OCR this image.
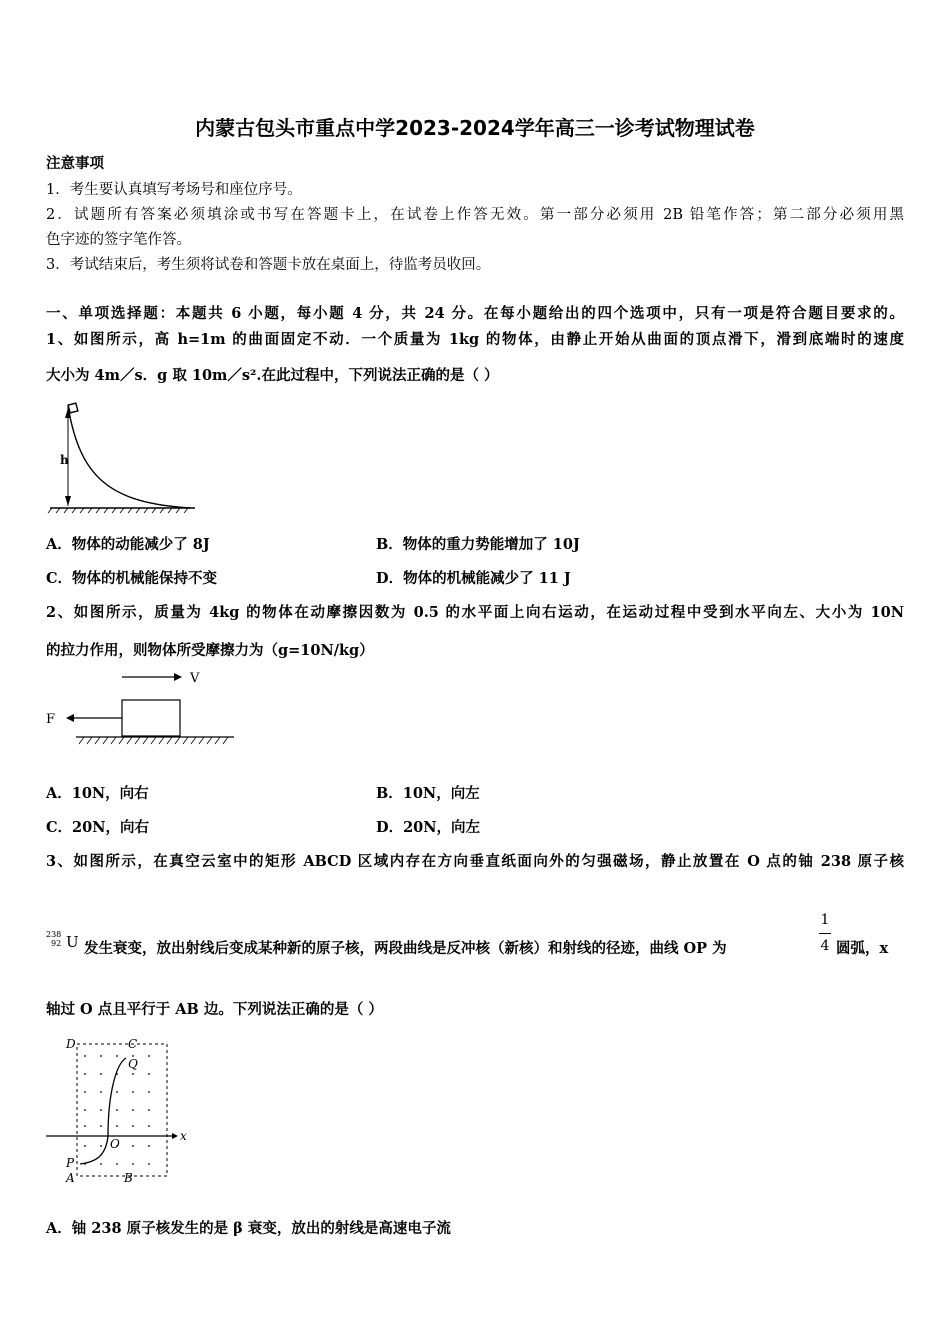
内蒙古包头市重点中学2023-2024学年高三一诊考试物理试卷
注意事项
1．考生要认真填写考场号和座位序号。
2．试题所有答案必须填涂或书写在答题卡上，在试卷上作答无效。第一部分必须用 2B 铅笔作答；第二部分必须用黑
色字迹的签字笔作答。
3．考试结束后，考生须将试卷和答题卡放在桌面上，待监考员收回。
一、单项选择题：本题共 6 小题，每小题 4 分，共 24 分。在每小题给出的四个选项中，只有一项是符合题目要求的。
1、如图所示，高 h=1m 的曲面固定不动．一个质量为 1kg 的物体，由静止开始从曲面的顶点滑下，滑到底端时的速度
大小为 4m／s．g 取 10m／s².在此过程中，下列说法正确的是（ ）
h
A．物体的动能减少了 8J	B．物体的重力势能增加了 10J
C．物体的机械能保持不变	D．物体的机械能减少了 11 J
2、如图所示，质量为 4kg 的物体在动摩擦因数为 0.5 的水平面上向右运动，在运动过程中受到水平向左、大小为 10N
的拉力作用，则物体所受摩擦力为（g=10N/kg）
V
F
A．10N，向右	B．10N，向左
C．20N，向右	D．20N，向左
3、如图所示，在真空云室中的矩形 ABCD 区域内存在方向垂直纸面向外的匀强磁场，静止放置在 O 点的铀 238 原子核
238
92 U 发生衰变，放出射线后变成某种新的原子核，两段曲线是反冲核（新核）和射线的径迹，曲线 OP 为
1
4 圆弧，x
轴过 O 点且平行于 AB 边。下列说法正确的是（ ）
D	C
Q
O
x
P
A	B
A．铀 238 原子核发生的是 β 衰变，放出的射线是高速电子流
